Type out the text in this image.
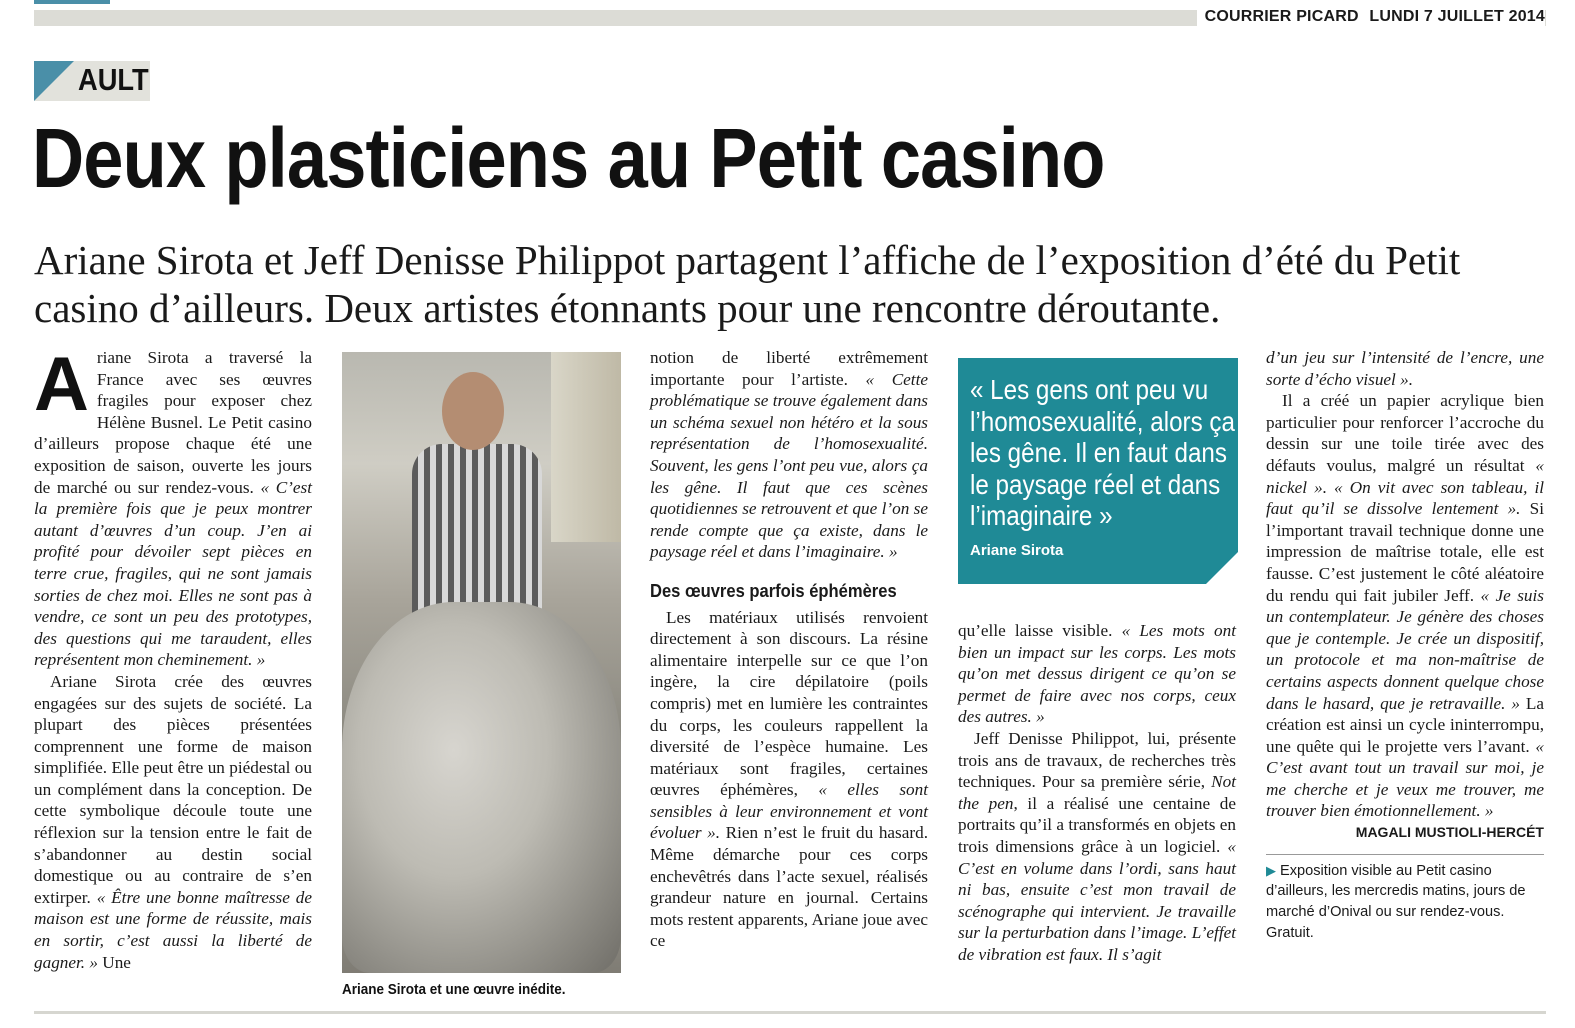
COURRIER PICARD LUNDI 7 JUILLET 2014
AULT
Deux plasticiens au Petit casino
Ariane Sirota et Jeff Denisse Philippot partagent l’affiche de l’exposition d’été du Petit casino d’ailleurs. Deux artistes étonnants pour une rencontre déroutante.

Ariane Sirota a traversé la France avec ses œuvres fragiles pour exposer chez Hélène Busnel. Le Petit casino d’ailleurs propose chaque été une exposition de saison, ouverte les jours de marché ou sur rendez-vous. « C’est la première fois que je peux montrer autant d’œuvres d’un coup. J’en ai profité pour dévoiler sept pièces en terre crue, fragiles, qui ne sont jamais sorties de chez moi. Elles ne sont pas à vendre, ce sont un peu des prototypes, des questions qui me taraudent, elles représentent mon cheminement. »

Ariane Sirota crée des œuvres engagées sur des sujets de société. La plupart des pièces présentées comprennent une forme de maison simplifiée. Elle peut être un piédestal ou un complément dans la conception. De cette symbolique découle toute une réflexion sur la tension entre le fait de s’abandonner au destin social domestique ou au contraire de s’en extirper. « Être une bonne maîtresse de maison est une forme de réussite, mais en sortir, c’est aussi la liberté de gagner. » Une

Ariane Sirota et une œuvre inédite.

notion de liberté extrêmement importante pour l’artiste. « Cette problématique se trouve également dans un schéma sexuel non hétéro et la sous représentation de l’homosexualité. Souvent, les gens l’ont peu vue, alors ça les gêne. Il faut que ces scènes quotidiennes se retrouvent et que l’on se rende compte que ça existe, dans le paysage réel et dans l’imaginaire. »

Des œuvres parfois éphémères

Les matériaux utilisés renvoient directement à son discours. La résine alimentaire interpelle sur ce que l’on ingère, la cire dépilatoire (poils compris) met en lumière les contraintes du corps, les couleurs rappellent la diversité de l’espèce humaine. Les matériaux sont fragiles, certaines œuvres éphémères, « elles sont sensibles à leur environnement et vont évoluer ». Rien n’est le fruit du hasard. Même démarche pour ces corps enchevêtrés dans l’acte sexuel, réalisés grandeur nature en journal. Certains mots restent apparents, Ariane joue avec ce

« Les gens ont peu vu l’homosexualité, alors ça les gêne. Il en faut dans le paysage réel et dans l’imaginaire »
Ariane Sirota

qu’elle laisse visible. « Les mots ont bien un impact sur les corps. Les mots qu’on met dessus dirigent ce qu’on se permet de faire avec nos corps, ceux des autres. »

Jeff Denisse Philippot, lui, présente trois ans de travaux, de recherches très techniques. Pour sa première série, Not the pen, il a réalisé une centaine de portraits qu’il a transformés en objets en trois dimensions grâce à un logiciel. « C’est en volume dans l’ordi, sans haut ni bas, ensuite c’est mon travail de scénographe qui intervient. Je travaille sur la perturbation dans l’image. L’effet de vibration est faux. Il s’agit

d’un jeu sur l’intensité de l’encre, une sorte d’écho visuel ».

Il a créé un papier acrylique bien particulier pour renforcer l’accroche du dessin sur une toile tirée avec des défauts voulus, malgré un résultat « nickel ». « On vit avec son tableau, il faut qu’il se dissolve lentement ». Si l’important travail technique donne une impression de maîtrise totale, elle est fausse. C’est justement le côté aléatoire du rendu qui fait jubiler Jeff. « Je suis un contemplateur. Je génère des choses que je contemple. Je crée un dispositif, un protocole et ma non-maîtrise de certains aspects donnent quelque chose dans le hasard, que je retravaille. » La création est ainsi un cycle ininterrompu, une quête qui le projette vers l’avant. « C’est avant tout un travail sur moi, je me cherche et je veux me trouver, me trouver bien émotionnellement. »

MAGALI MUSTIOLI-HERCÉT

▶ Exposition visible au Petit casino d’ailleurs, les mercredis matins, jours de marché d’Onival ou sur rendez-vous. Gratuit.
